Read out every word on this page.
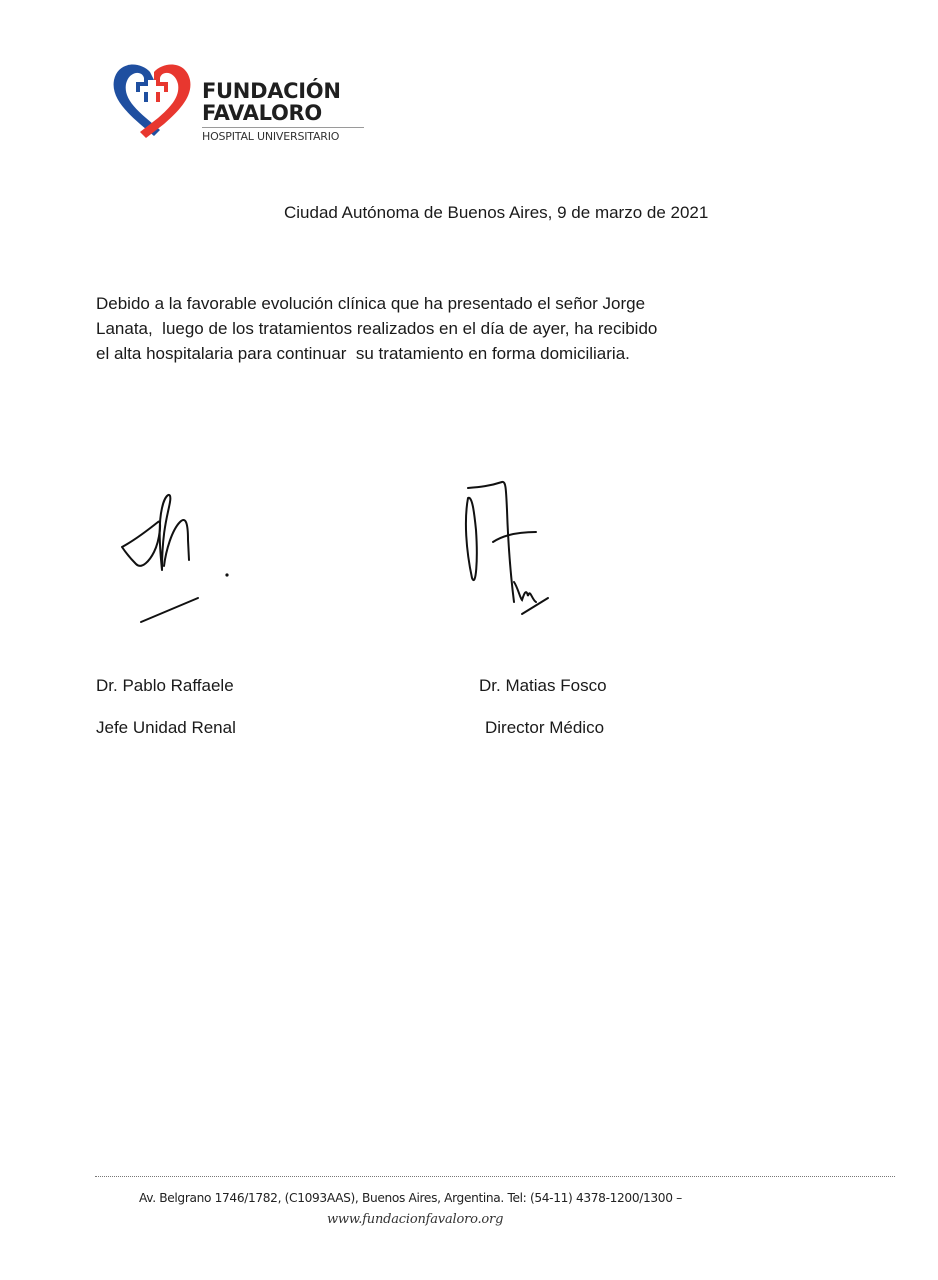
FUNDACIÓN
FAVALORO
HOSPITAL UNIVERSITARIO
Ciudad Autónoma de Buenos Aires, 9 de marzo de 2021
Debido a la favorable evolución clínica que ha presentado el señor Jorge
Lanata,  luego de los tratamientos realizados en el día de ayer, ha recibido
el alta hospitalaria para continuar  su tratamiento en forma domiciliaria.
Dr. Pablo Raffaele
Jefe Unidad Renal
Dr. Matias Fosco
Director Médico
Av. Belgrano 1746/1782, (C1093AAS), Buenos Aires, Argentina. Tel: (54-11) 4378-1200/1300 –
www.fundacionfavaloro.org
